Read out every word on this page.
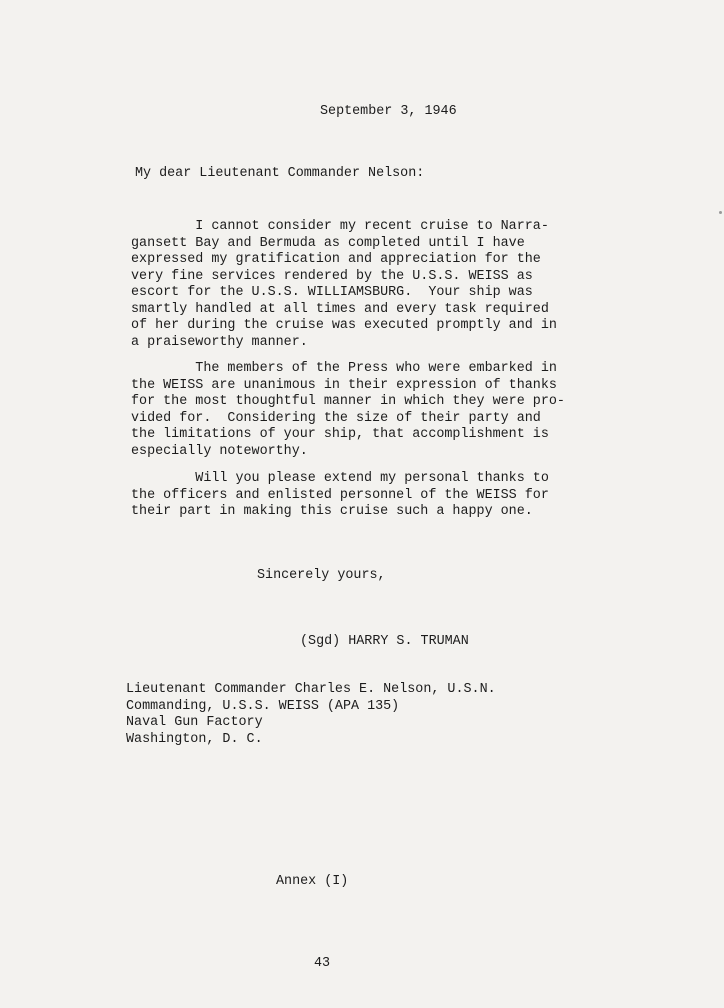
September 3, 1946
My dear Lieutenant Commander Nelson:
I cannot consider my recent cruise to Narra-
gansett Bay and Bermuda as completed until I have
expressed my gratification and appreciation for the
very fine services rendered by the U.S.S. WEISS as
escort for the U.S.S. WILLIAMSBURG.  Your ship was
smartly handled at all times and every task required
of her during the cruise was executed promptly and in
a praiseworthy manner.
The members of the Press who were embarked in
the WEISS are unanimous in their expression of thanks
for the most thoughtful manner in which they were pro-
vided for.  Considering the size of their party and
the limitations of your ship, that accomplishment is
especially noteworthy.
Will you please extend my personal thanks to
the officers and enlisted personnel of the WEISS for
their part in making this cruise such a happy one.
Sincerely yours,
(Sgd) HARRY S. TRUMAN
Lieutenant Commander Charles E. Nelson, U.S.N.
Commanding, U.S.S. WEISS (APA 135)
Naval Gun Factory
Washington, D. C.
Annex (I)
43
